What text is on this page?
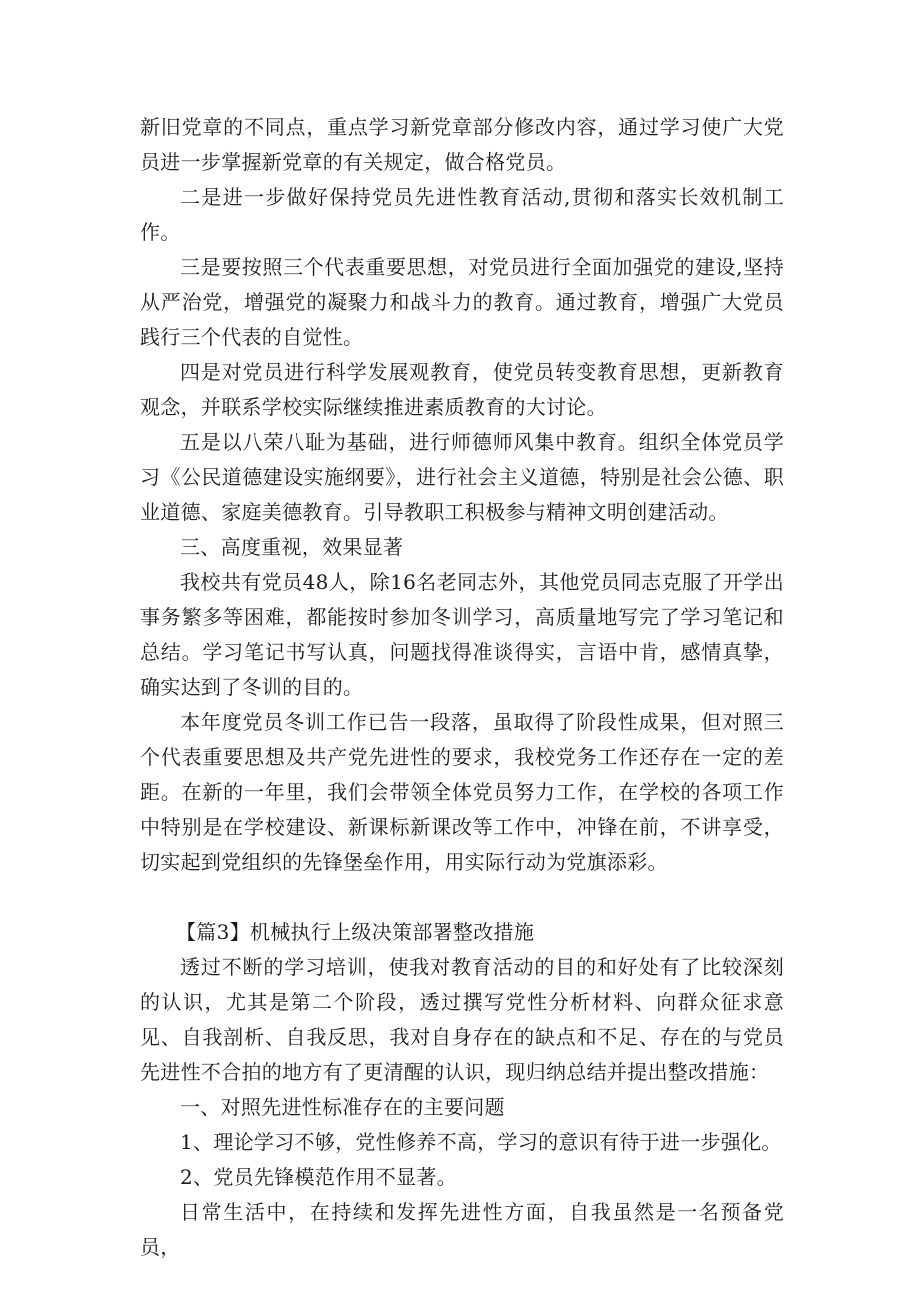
新旧党章的不同点，重点学习新党章部分修改内容，通过学习使广大党员进一步掌握新党章的有关规定，做合格党员。

二是进一步做好保持党员先进性教育活动,贯彻和落实长效机制工作。

三是要按照三个代表重要思想，对党员进行全面加强党的建设,坚持从严治党，增强党的凝聚力和战斗力的教育。通过教育，增强广大党员践行三个代表的自觉性。

四是对党员进行科学发展观教育，使党员转变教育思想，更新教育观念，并联系学校实际继续推进素质教育的大讨论。

五是以八荣八耻为基础，进行师德师风集中教育。组织全体党员学习《公民道德建设实施纲要》，进行社会主义道德，特别是社会公德、职业道德、家庭美德教育。引导教职工积极参与精神文明创建活动。

三、高度重视，效果显著

我校共有党员48人，除16名老同志外，其他党员同志克服了开学出事务繁多等困难，都能按时参加冬训学习，高质量地写完了学习笔记和总结。学习笔记书写认真，问题找得准谈得实，言语中肯，感情真挚，确实达到了冬训的目的。

本年度党员冬训工作已告一段落，虽取得了阶段性成果，但对照三个代表重要思想及共产党先进性的要求，我校党务工作还存在一定的差距。在新的一年里，我们会带领全体党员努力工作，在学校的各项工作中特别是在学校建设、新课标新课改等工作中，冲锋在前，不讲享受，切实起到党组织的先锋堡垒作用，用实际行动为党旗添彩。

【篇3】机械执行上级决策部署整改措施

透过不断的学习培训，使我对教育活动的目的和好处有了比较深刻的认识，尤其是第二个阶段，透过撰写党性分析材料、向群众征求意见、自我剖析、自我反思，我对自身存在的缺点和不足、存在的与党员先进性不合拍的地方有了更清醒的认识，现归纳总结并提出整改措施：

一、对照先进性标准存在的主要问题

1、理论学习不够，党性修养不高，学习的意识有待于进一步强化。

2、党员先锋模范作用不显著。

日常生活中，在持续和发挥先进性方面，自我虽然是一名预备党员，
